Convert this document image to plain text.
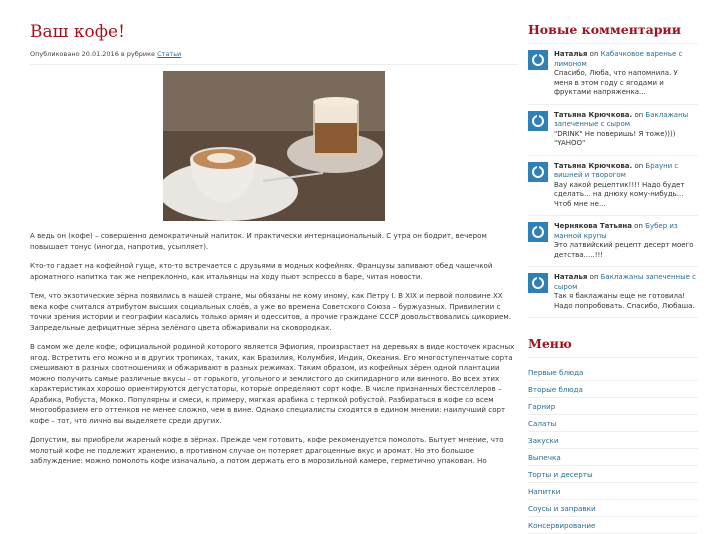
Ваш кофе!
Опубликовано 20.01.2016 в рубрике Статьи

А ведь он (кофе) – совершенно демократичный напиток. И практически интернациональный. С утра он бодрит, вечером повышает тонус (иногда, напротив, усыпляет).

Кто-то гадает на кофейной гуще, кто-то встречается с друзьями в модных кофейнях. Французы запивают обед чашечкой ароматного напитка так же непреклонно, как итальянцы на ходу пьют эспрессо в баре, читая новости.

Тем, что экзотические зёрна появились в нашей стране, мы обязаны не кому иному, как Петру I. В XIX и первой половине XX века кофе считался атрибутом высших социальных слоёв, а уже во времена Советского Союза – буржуазных. Привилегии с точки зрения истории и географии касались только армян и одесситов, а прочие граждане СССР довольствовались цикорием. Запредельные дефицитные зёрна зелёного цвета обжаривали на сковородках.

В самом же деле кофе, официальной родиной которого является Эфиопия, произрастает на деревьях в виде косточек красных ягод. Встретить его можно и в других тропиках, таких, как Бразилия, Колумбия, Индия, Океания. Его многоступенчатые сорта смешивают в разных соотношениях и обжаривают в разных режимах. Таким образом, из кофейных зёрен одной плантации можно получить самые различные вкусы – от горького, угольного и землистого до скипидарного или винного. Во всех этих характеристиках хорошо ориентируются дегустаторы, которые определяют сорт кофе. В числе признанных бестселлеров – Арабика, Робуста, Мокко. Популярны и смеси, к примеру, мягкая арабика с терпкой робустой. Разбираться в кофе со всем многообразием его оттенков не менее сложно, чем в вине. Однако специалисты сходятся в едином мнении: наилучший сорт кофе – тот, что лично вы выделяете среди других.

Допустим, вы приобрели жареный кофе в зёрнах. Прежде чем готовить, кофе рекомендуется помолоть. Бытует мнение, что молотый кофе не подлежит хранению, в противном случае он потеряет драгоценные вкус и аромат. Но это большое заблуждение: можно помолоть кофе изначально, а потом держать его в морозильной камере, герметично упакован. Но

Новые комментарии
Наталья on Кабачковое варенье с лимоном
Спасибо, Люба, что напомнила. У меня в этом году с ягодами и фруктами напряженка...
Татьяна Крючкова. on Баклажаны запеченные с сыром
"DRINK" Не поверишь! Я тоже)))) "YAHOO"
Татьяна Крючкова. on Брауни с вишней и творогом
Вау какой рецептик!!!! Надо будет сделать... на днюху кому-нибудь... Чтоб мне не...
Чернякова Татьяна on Бубер из манной крупы
Это латвийский рецепт десерт моего детства.....!!!
Наталья on Баклажаны запеченные с сыром
Так я баклажаны еще не готовила! Надо попробовать. Спасибо, Любаша.
Меню
Первые блюда
Вторые блюда
Гарнир
Салаты
Закуски
Выпечка
Торты и десерты
Напитки
Соусы и заправки
Консервирование
